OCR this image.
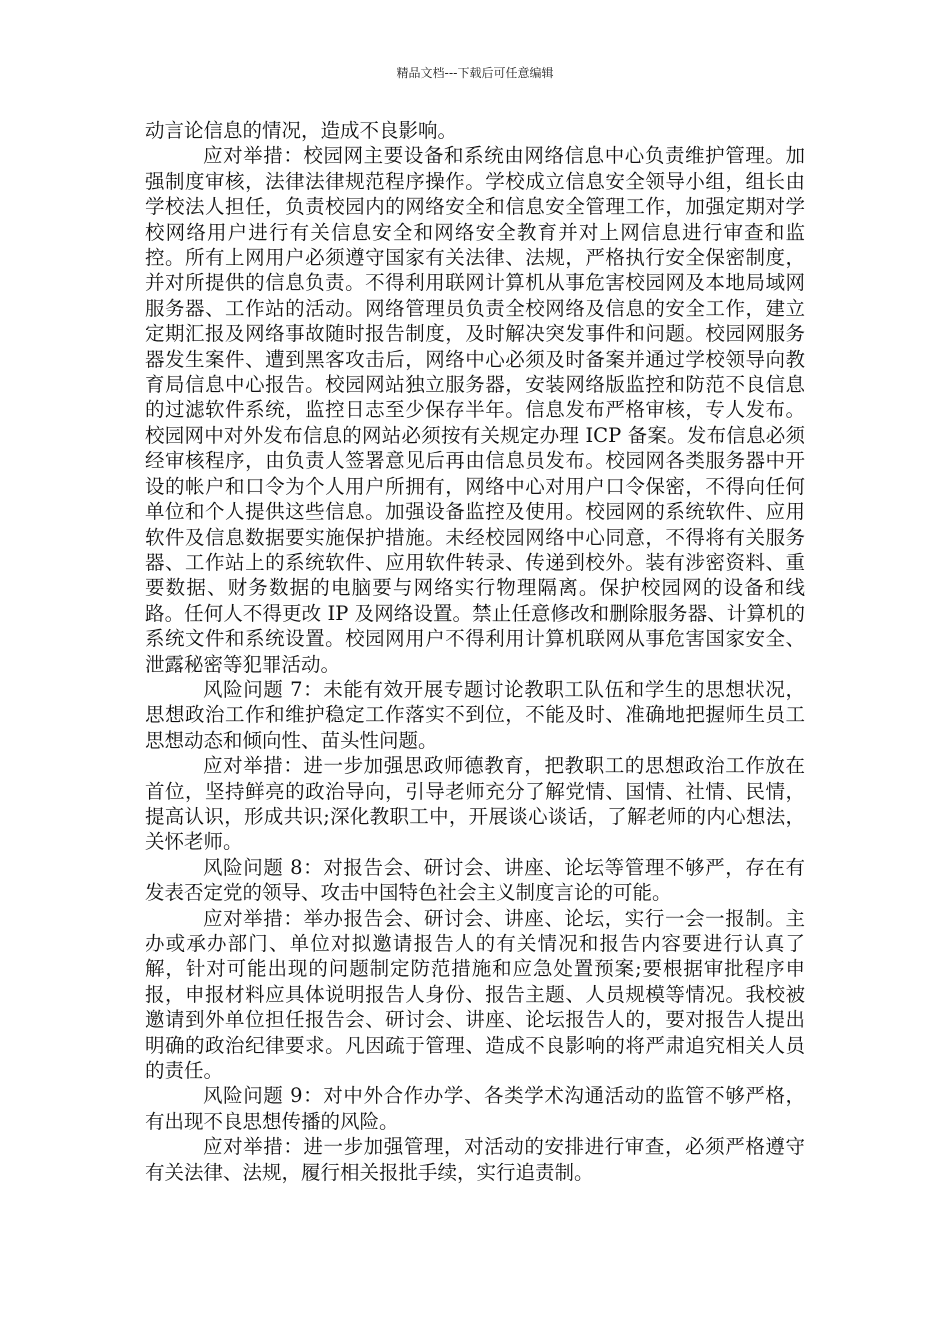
精品文档---下载后可任意编辑

动言论信息的情况，造成不良影响。

应对举措：校园网主要设备和系统由网络信息中心负责维护管理。加强制度审核，法律法律规范程序操作。学校成立信息安全领导小组，组长由学校法人担任，负责校园内的网络安全和信息安全管理工作，加强定期对学校网络用户进行有关信息安全和网络安全教育并对上网信息进行审查和监控。所有上网用户必须遵守国家有关法律、法规，严格执行安全保密制度，并对所提供的信息负责。不得利用联网计算机从事危害校园网及本地局域网服务器、工作站的活动。网络管理员负责全校网络及信息的安全工作，建立定期汇报及网络事故随时报告制度，及时解决突发事件和问题。校园网服务器发生案件、遭到黑客攻击后，网络中心必须及时备案并通过学校领导向教育局信息中心报告。校园网站独立服务器，安装网络版监控和防范不良信息的过滤软件系统，监控日志至少保存半年。信息发布严格审核，专人发布。校园网中对外发布信息的网站必须按有关规定办理 ICP 备案。发布信息必须经审核程序，由负责人签署意见后再由信息员发布。校园网各类服务器中开设的帐户和口令为个人用户所拥有，网络中心对用户口令保密，不得向任何单位和个人提供这些信息。加强设备监控及使用。校园网的系统软件、应用软件及信息数据要实施保护措施。未经校园网络中心同意，不得将有关服务器、工作站上的系统软件、应用软件转录、传递到校外。装有涉密资料、重要数据、财务数据的电脑要与网络实行物理隔离。保护校园网的设备和线路。任何人不得更改 IP 及网络设置。禁止任意修改和删除服务器、计算机的系统文件和系统设置。校园网用户不得利用计算机联网从事危害国家安全、泄露秘密等犯罪活动。

风险问题 7：未能有效开展专题讨论教职工队伍和学生的思想状况，思想政治工作和维护稳定工作落实不到位，不能及时、准确地把握师生员工思想动态和倾向性、苗头性问题。

应对举措：进一步加强思政师德教育，把教职工的思想政治工作放在首位，坚持鲜亮的政治导向，引导老师充分了解党情、国情、社情、民情，提高认识，形成共识;深化教职工中，开展谈心谈话，了解老师的内心想法，关怀老师。

风险问题 8：对报告会、研讨会、讲座、论坛等管理不够严，存在有发表否定党的领导、攻击中国特色社会主义制度言论的可能。

应对举措：举办报告会、研讨会、讲座、论坛，实行一会一报制。主办或承办部门、单位对拟邀请报告人的有关情况和报告内容要进行认真了解，针对可能出现的问题制定防范措施和应急处置预案;要根据审批程序申报，申报材料应具体说明报告人身份、报告主题、人员规模等情况。我校被邀请到外单位担任报告会、研讨会、讲座、论坛报告人的，要对报告人提出明确的政治纪律要求。凡因疏于管理、造成不良影响的将严肃追究相关人员的责任。

风险问题 9：对中外合作办学、各类学术沟通活动的监管不够严格，有出现不良思想传播的风险。

应对举措：进一步加强管理，对活动的安排进行审查，必须严格遵守有关法律、法规，履行相关报批手续，实行追责制。
